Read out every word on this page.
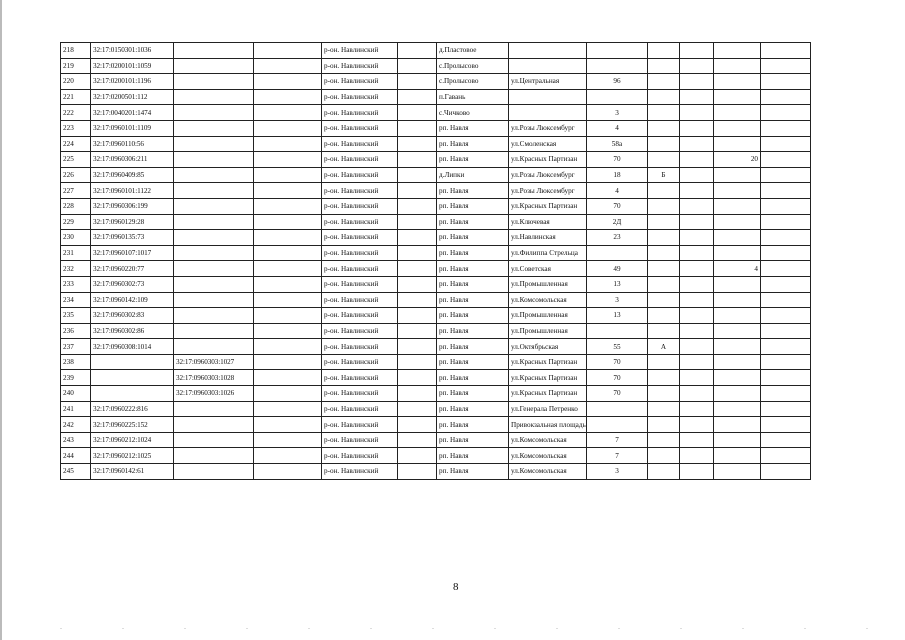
218	32:17:0150301:1036			р-он. Навлинский		д.Пластовое						
219	32:17:0200101:1059			р-он. Навлинский		с.Пролысово						
220	32:17:0200101:1196			р-он. Навлинский		с.Пролысово	ул.Центральная	96				
221	32:17:0200501:112			р-он. Навлинский		п.Гавань						
222	32:17:0040201:1474			р-он. Навлинский		с.Чичково		3				
223	32:17:0960101:1109			р-он. Навлинский		рп. Навля	ул.Розы Люксембург	4				
224	32:17:0960110:56			р-он. Навлинский		рп. Навля	ул.Смоленская	58а				
225	32:17:0960306:211			р-он. Навлинский		рп. Навля	ул.Красных Партизан	70			20	
226	32:17:0960409:85			р-он. Навлинский		д.Липки	ул.Розы Люксембург	18	Б			
227	32:17:0960101:1122			р-он. Навлинский		рп. Навля	ул.Розы Люксембург	4				
228	32:17:0960306:199			р-он. Навлинский		рп. Навля	ул.Красных Партизан	70				
229	32:17:0960129:28			р-он. Навлинский		рп. Навля	ул.Ключевая	2Д				
230	32:17:0960135:73			р-он. Навлинский		рп. Навля	ул.Навлинская	23				
231	32:17:0960107:1017			р-он. Навлинский		рп. Навля	ул.Филиппа Стрельца					
232	32:17:0960220:77			р-он. Навлинский		рп. Навля	ул.Советская	49			4	
233	32:17:0960302:73			р-он. Навлинский		рп. Навля	ул.Промышленная	13				
234	32:17:0960142:109			р-он. Навлинский		рп. Навля	ул.Комсомольская	3				
235	32:17:0960302:83			р-он. Навлинский		рп. Навля	ул.Промышленная	13				
236	32:17:0960302:86			р-он. Навлинский		рп. Навля	ул.Промышленная					
237	32:17:0960308:1014			р-он. Навлинский		рп. Навля	ул.Октябрьская	55	А			
238		32:17:0960303:1027		р-он. Навлинский		рп. Навля	ул.Красных Партизан	70				
239		32:17:0960303:1028		р-он. Навлинский		рп. Навля	ул.Красных Партизан	70				
240		32:17:0960303:1026		р-он. Навлинский		рп. Навля	ул.Красных Партизан	70				
241	32:17:0960222:816			р-он. Навлинский		рп. Навля	ул.Генерала Петренко					
242	32:17:0960225:152			р-он. Навлинский		рп. Навля	Привокзальная площадь					
243	32:17:0960212:1024			р-он. Навлинский		рп. Навля	ул.Комсомольская	7				
244	32:17:0960212:1025			р-он. Навлинский		рп. Навля	ул.Комсомольская	7				
245	32:17:0960142:61			р-он. Навлинский		рп. Навля	ул.Комсомольская	3				
8
